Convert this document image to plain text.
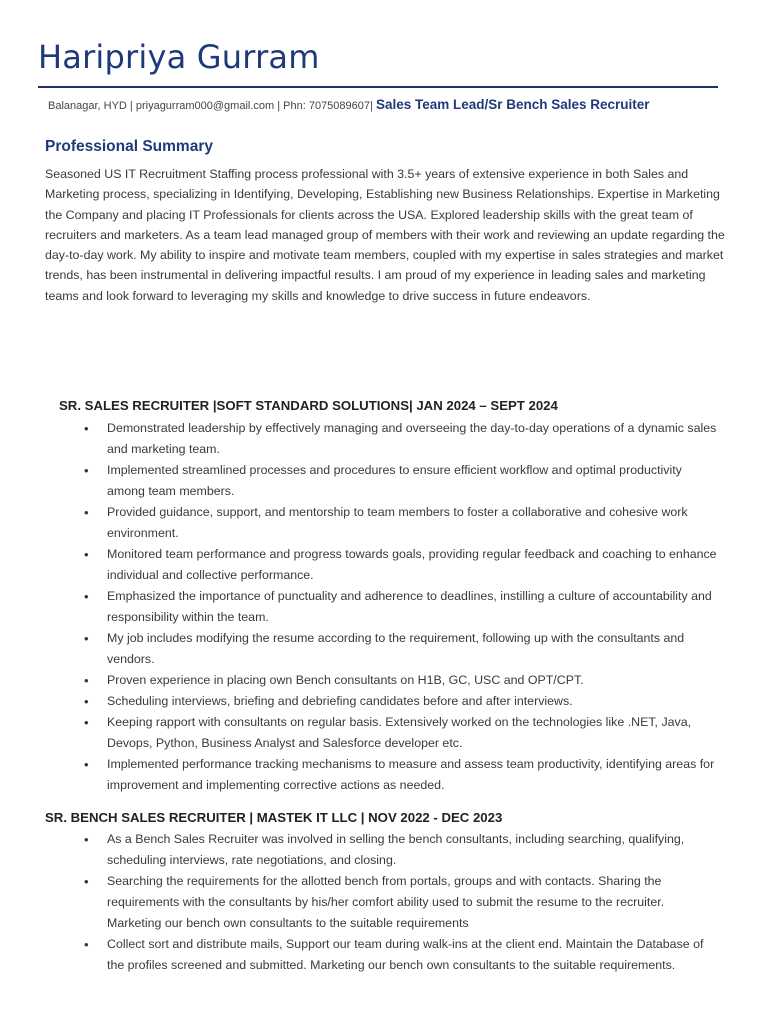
Haripriya Gurram
Balanagar, HYD | priyagurram000@gmail.com | Phn: 7075089607| Sales Team Lead/Sr Bench Sales Recruiter
Professional Summary

Seasoned US IT Recruitment Staffing process professional with 3.5+ years of extensive experience in both Sales and Marketing process, specializing in Identifying, Developing, Establishing new Business Relationships. Expertise in Marketing the Company and placing IT Professionals for clients across the USA. Explored leadership skills with the great team of recruiters and marketers. As a team lead managed group of members with their work and reviewing an update regarding the day-to-day work. My ability to inspire and motivate team members, coupled with my expertise in sales strategies and market trends, has been instrumental in delivering impactful results. I am proud of my experience in leading sales and marketing teams and look forward to leveraging my skills and knowledge to drive success in future endeavors.

SR. SALES RECRUITER |SOFT STANDARD SOLUTIONS| JAN 2024 – SEPT 2024
• Demonstrated leadership by effectively managing and overseeing the day-to-day operations of a dynamic sales and marketing team.
• Implemented streamlined processes and procedures to ensure efficient workflow and optimal productivity among team members.
• Provided guidance, support, and mentorship to team members to foster a collaborative and cohesive work environment.
• Monitored team performance and progress towards goals, providing regular feedback and coaching to enhance individual and collective performance.
• Emphasized the importance of punctuality and adherence to deadlines, instilling a culture of accountability and responsibility within the team.
• My job includes modifying the resume according to the requirement, following up with the consultants and vendors.
• Proven experience in placing own Bench consultants on H1B, GC, USC and OPT/CPT.
• Scheduling interviews, briefing and debriefing candidates before and after interviews.
• Keeping rapport with consultants on regular basis. Extensively worked on the technologies like .NET, Java, Devops, Python, Business Analyst and Salesforce developer etc.
• Implemented performance tracking mechanisms to measure and assess team productivity, identifying areas for improvement and implementing corrective actions as needed.
SR. BENCH SALES RECRUITER | MASTEK IT LLC | NOV 2022 - DEC 2023
• As a Bench Sales Recruiter was involved in selling the bench consultants, including searching, qualifying, scheduling interviews, rate negotiations, and closing.
• Searching the requirements for the allotted bench from portals, groups and with contacts. Sharing the requirements with the consultants by his/her comfort ability used to submit the resume to the recruiter. Marketing our bench own consultants to the suitable requirements
• Collect sort and distribute mails, Support our team during walk-ins at the client end. Maintain the Database of the profiles screened and submitted. Marketing our bench own consultants to the suitable requirements.
